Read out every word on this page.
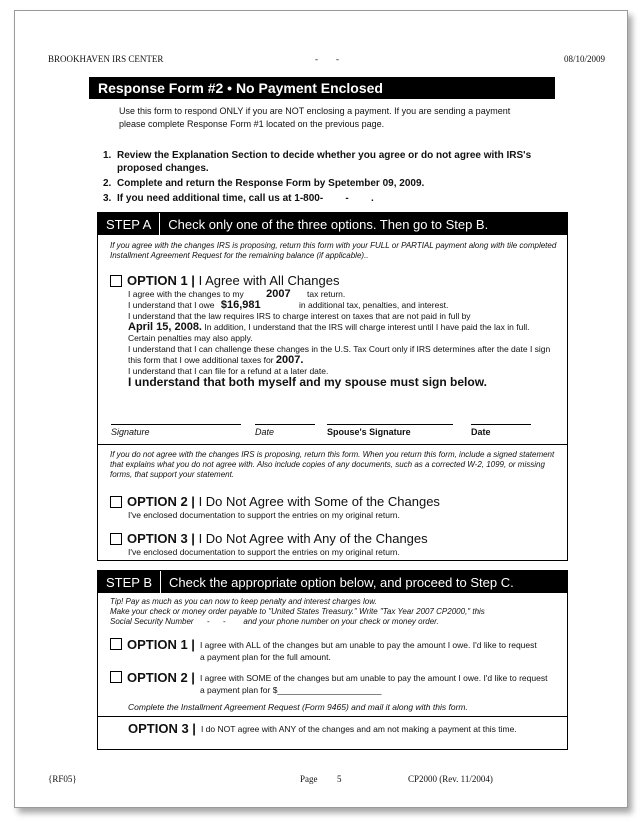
BROOKHAVEN IRS CENTER	-        -	08/10/2009
Response Form #2 • No Payment Enclosed
Use this form to respond ONLY if you are NOT enclosing a payment. If you are sending a payment please complete Response Form #1 located on the previous page.
1. Review the Explanation Section to decide whether you agree or do not agree with IRS's proposed changes.
2. Complete and return the Response Form by Spetember 09, 2009.
3. If you need additional time, call us at 1-800-        -        .
STEP A	Check only one of the three options. Then go to Step B.
If you agree with the changes IRS is proposing, return this form with your FULL or PARTIAL payment along with tile completed Installment Agreement Request for the remaining balance (if applicable)..
OPTION 1 |
I Agree with All Changes
I agree with the changes to my 2007 tax return.
I understand that I owe $16,981	in additional tax, penalties, and interest.
I understand that the law requires IRS to charge interest on taxes that are not paid in full by
April 15, 2008. In addition, I understand that the IRS will charge interest until I have paid the lax in full. Certain penalties may also apply.
I understand that I can challenge these changes in the U.S. Tax Court only if IRS determines after the date I sign this form that I owe additional taxes for 2007.
I understand that I can file for a refund at a later date.
I understand that both myself and my spouse must sign below.
Signature	Date	Spouse's Signature	Date
If you do not agree with the changes IRS is proposing, return this form. When you return this form, include a signed statement that explains what you do not agree with. Also include copies of any documents, such as a corrected W-2, 1099, or missing forms, that support your statement.
OPTION 2 |
I Do Not Agree with Some of the Changes
I've enclosed documentation to support the entries on my original return.
OPTION 3 |
I Do Not Agree with Any of the Changes
I've enclosed documentation to support the entries on my original return.
STEP B	Check the appropriate option below, and proceed to Step C.
Tip! Pay as much as you can now to keep penalty and interest charges low.
Make your check or money order payable to "United States Treasury." Write "Tax Year 2007 CP2000," this
Social Security Number      -      -        and your phone number on your check or money order.
OPTION 1 | I agree with ALL of the changes but am unable to pay the amount I owe. I'd like to request a payment plan for the full amount.
OPTION 2 | I agree with SOME of the changes but am unable to pay the amount I owe. I'd like to request a payment plan for $______________________
Complete the Installment Agreement Request (Form 9465) and mail it along with this form.
OPTION 3 | I do NOT agree with ANY of the changes and am not making a payment at this time.
{RF05}	Page 5	CP2000 (Rev. 11/2004)
